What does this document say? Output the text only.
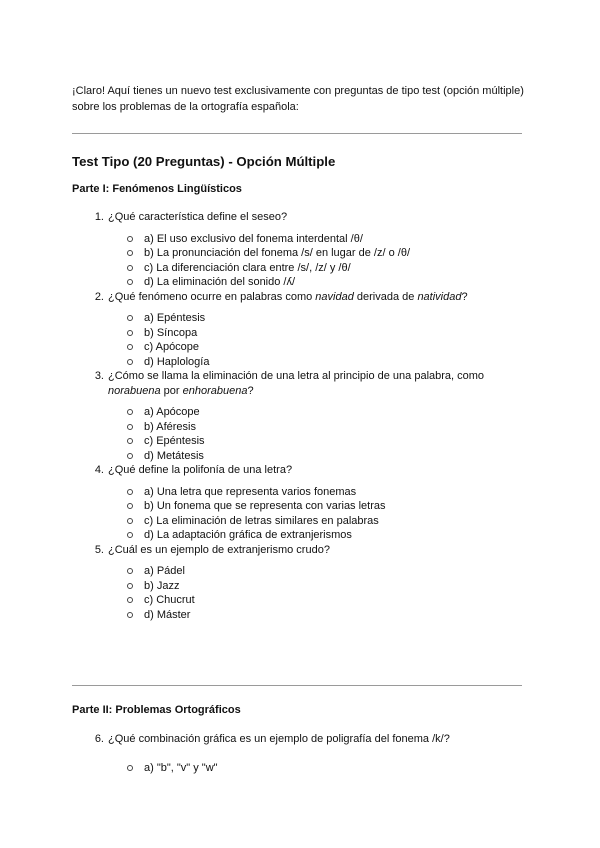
¡Claro! Aquí tienes un nuevo test exclusivamente con preguntas de tipo test (opción múltiple) sobre los problemas de la ortografía española:

Test Tipo (20 Preguntas) - Opción Múltiple
Parte I: Fenómenos Lingüísticos
1. ¿Qué característica define el seseo?
a) El uso exclusivo del fonema interdental /θ/
b) La pronunciación del fonema /s/ en lugar de /z/ o /θ/
c) La diferenciación clara entre /s/, /z/ y /θ/
d) La eliminación del sonido /ʎ/
2. ¿Qué fenómeno ocurre en palabras como navidad derivada de natividad?
a) Epéntesis
b) Síncopa
c) Apócope
d) Haplología
3. ¿Cómo se llama la eliminación de una letra al principio de una palabra, como norabuena por enhorabuena?
a) Apócope
b) Aféresis
c) Epéntesis
d) Metátesis
4. ¿Qué define la polifonía de una letra?
a) Una letra que representa varios fonemas
b) Un fonema que se representa con varias letras
c) La eliminación de letras similares en palabras
d) La adaptación gráfica de extranjerismos
5. ¿Cuál es un ejemplo de extranjerismo crudo?
a) Pádel
b) Jazz
c) Chucrut
d) Máster
Parte II: Problemas Ortográficos
6. ¿Qué combinación gráfica es un ejemplo de poligrafía del fonema /k/?
a) "b", "v" y "w"
